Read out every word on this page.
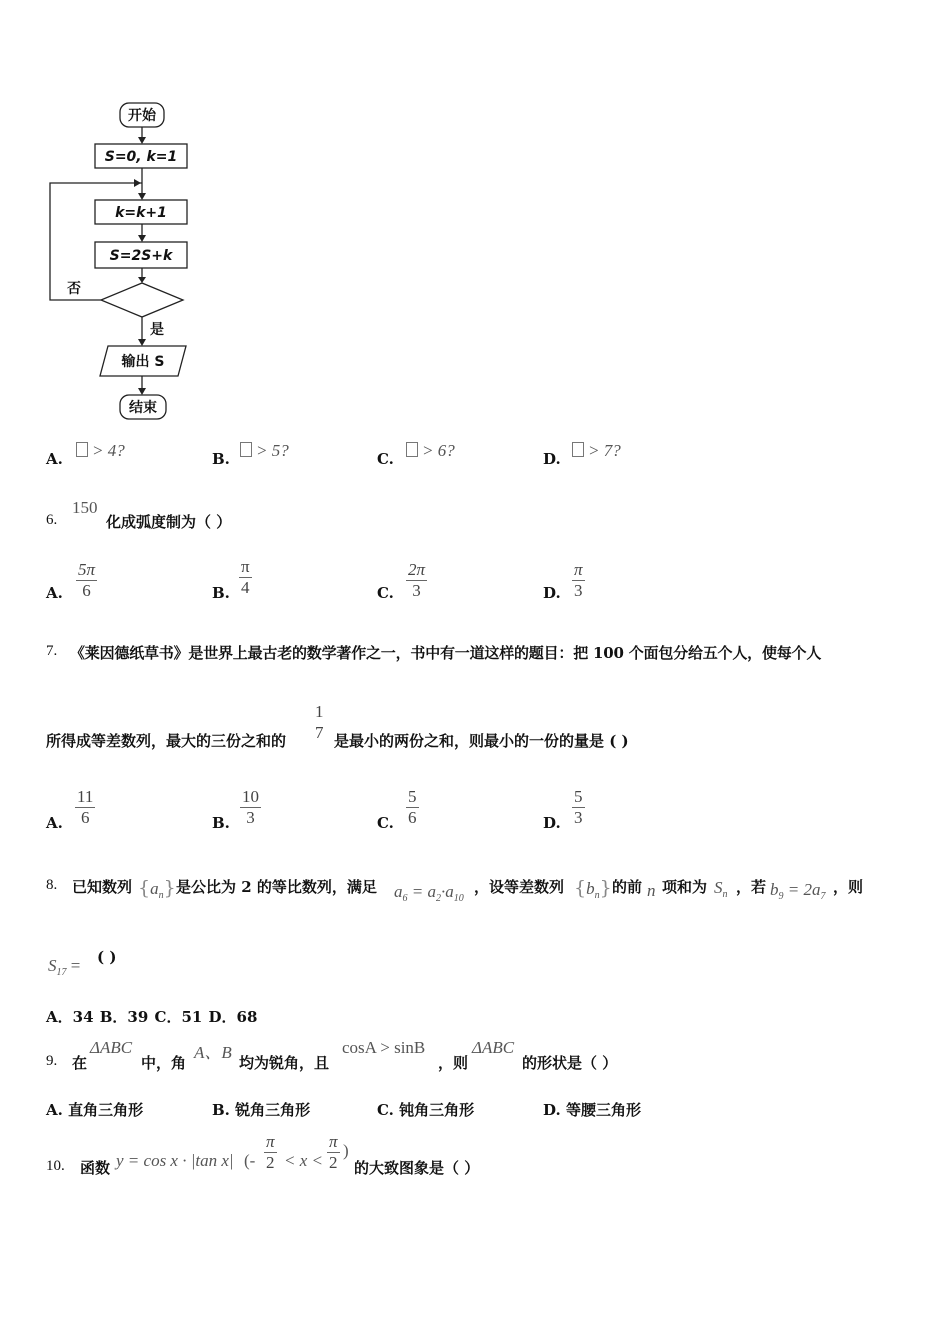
开始
S=0, k=1
k=k+1
S=2S+k
否
是
输出 S
结束
A.	> 4?	B.	> 5?	C.	> 6?	D.	> 7?
6.
150
化成弧度制为（ ）
A. $\frac{5\pi}{6}$	B. $\frac{\pi}{4}$	C. $\frac{2\pi}{3}$	D. $\frac{\pi}{3}$
7. 《莱因德纸草书》是世界上最古老的数学著作之一，书中有一道这样的题目：把 100 个面包分给五个人，使每个人
所得成等差数列，最大的三份之和的
1
7 是最小的两份之和，则最小的一份的量是 ( )
A. $\frac{11}{6}$	B. $\frac{10}{3}$	C. $\frac{5}{6}$	D. $\frac{5}{3}$
8. 已知数列 $\{a_n\}$ 是公比为 2 的等比数列，满足 $a_6 = a_2\cdot a_{10}$
，设等差数列 $\{b_n\}$ 的前 n 项和为 $S_n$ ，若 $b_9 = 2a_7$
，则
$S_{17}$ = ( )
A．34 B．39 C．51 D．68
9. 在
ΔABC
中，角
A、B
均为锐角，且
cosA > sinB
，则
ΔABC
的形状是（ ）
A. 直角三角形	B. 锐角三角形	C. 钝角三角形	D. 等腰三角形
10. 函数 y = cos x · |tan x| (- $\frac{\pi}{2} < x < \frac{\pi}{2}$ )
的大致图象是（ ）
